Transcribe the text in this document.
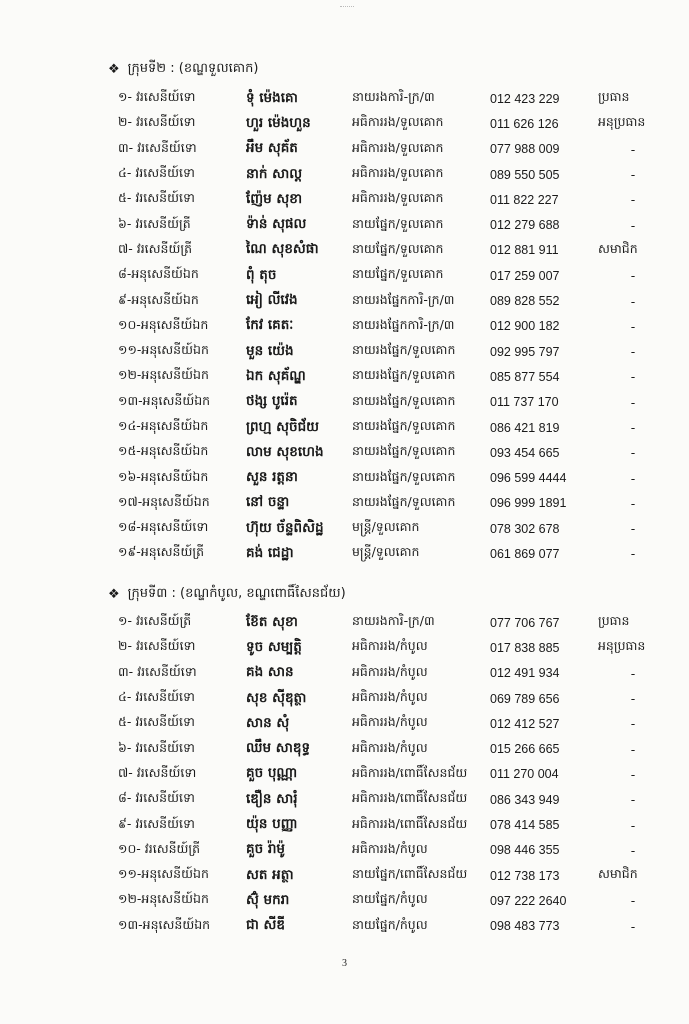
❖ ក្រុមទី២ : (ខណ្ឌទួលគោក)
១- វរសេនីយ៍ទោ	ទុំ ម៉េងគោ	នាយរងការិ-ក្រ/៣	012 423 229	ប្រធាន
២- វរសេនីយ៍ទោ	ហួរ ម៉េងហួន	អធិការរង/ទួលគោក	011 626 126	អនុប្រធាន
៣- វរសេនីយ៍ទោ	អឹម សុគ័ត	អធិការរង/ទួលគោក	077 988 009	-
៤- វរសេនីយ៍ទោ	នាក់ សាល្ត	អធិការរង/ទួលគោក	089 550 505	-
៥- វរសេនីយ៍ទោ	ញ៉ែម សុខា	អធិការរង/ទួលគោក	011 822 227	-
៦- វរសេនីយ៍ត្រី	ទ៉ាន់ សុផល	នាយផ្នែក/ទួលគោក	012 279 688	-
៧- វរសេនីយ៍ត្រី	ណៃ សុខសំផា	នាយផ្នែក/ទួលគោក	012 881 911	សមាជិក
៨-អនុសេនីយ៍ឯក	ពុំ តុច	នាយផ្នែក/ទួលគោក	017 259 007	-
៩-អនុសេនីយ៍ឯក	អៀ លីវេង	នាយរងផ្នែកការិ-ក្រ/៣	089 828 552	-
១០-អនុសេនីយ៍ឯក	កែវ គេតៈ	នាយរងផ្នែកការិ-ក្រ/៣	012 900 182	-
១១-អនុសេនីយ៍ឯក	មួន យ៉េង	នាយរងផ្នែក/ទួលគោក	092 995 797	-
១២-អនុសេនីយ៍ឯក	ឯក សុគ័ណ្ឌ	នាយរងផ្នែក/ទួលគោក	085 877 554	-
១៣-អនុសេនីយ៍ឯក	ថង្ស បូរ៉េត	នាយរងផ្នែក/ទួលគោក	011 737 170	-
១៤-អនុសេនីយ៍ឯក	ព្រហ្ម សុចិជ័យ	នាយរងផ្នែក/ទួលគោក	086 421 819	-
១៥-អនុសេនីយ៍ឯក	លាម សុខហេង	នាយរងផ្នែក/ទួលគោក	093 454 665	-
១៦-អនុសេនីយ៍ឯក	សួន រត្តនា	នាយរងផ្នែក/ទួលគោក	096 599 4444	-
១៧-អនុសេនីយ៍ឯក	នៅ ចន្ទា	នាយរងផ្នែក/ទួលគោក	096 999 1891	-
១៨-អនុសេនីយ៍ទោ	ហ៊ុយ ច័ន្ទពិសិដ្ឋ	មន្ត្រី/ទួលគោក	078 302 678	-
១៩-អនុសេនីយ៍ត្រី	គង់ ជេដ្ឋា	មន្ត្រី/ទួលគោក	061 869 077	-
❖ ក្រុមទី៣ : (ខណ្ឌកំបូល, ខណ្ឌពោធិ៍សែនជ័យ)
១- វរសេនីយ៍ត្រី	ខ៊ែត សុខា	នាយរងការិ-ក្រ/៣	077 706 767	ប្រធាន
២- វរសេនីយ៍ទោ	ទូច សម្បត្តិ	អធិការរង/កំបូល	017 838 885	អនុប្រធាន
៣- វរសេនីយ៍ទោ	គង សាន	អធិការរង/កំបូល	012 491 934	-
៤- វរសេនីយ៍ទោ	សុខ ស៊ីឌុត្ថា	អធិការរង/កំបូល	069 789 656	-
៥- វរសេនីយ៍ទោ	សាន សុំ	អធិការរង/កំបូល	012 412 527	-
៦- វរសេនីយ៍ទោ	ឈឹម សាឌុទ្ធ	អធិការរង/កំបូល	015 266 665	-
៧- វរសេនីយ៍ទោ	គួច បុណ្ណា	អធិការរង/ពោធិ៍សែនជ័យ	011 270 004	-
៨- វរសេនីយ៍ទោ	ឌឿន សារុំ	អធិការរង/ពោធិ៍សែនជ័យ	086 343 949	-
៩- វរសេនីយ៍ទោ	យ៉ុន បញ្ញា	អធិការរង/ពោធិ៍សែនជ័យ	078 414 585	-
១០- វរសេនីយ៍ត្រី	គួច រ៉ាម៉ូ	អធិការរង/កំបូល	098 446 355	-
១១-អនុសេនីយ៍ឯក	សត អត្ថា	នាយផ្នែក/ពោធិ៍សែនជ័យ	012 738 173	សមាជិក
១២-អនុសេនីយ៍ឯក	ស៊ុំ មករា	នាយផ្នែក/កំបូល	097 222 2640	-
១៣-អនុសេនីយ៍ឯក	ជា សីឌី	នាយផ្នែក/កំបូល	098 483 773	-
3
